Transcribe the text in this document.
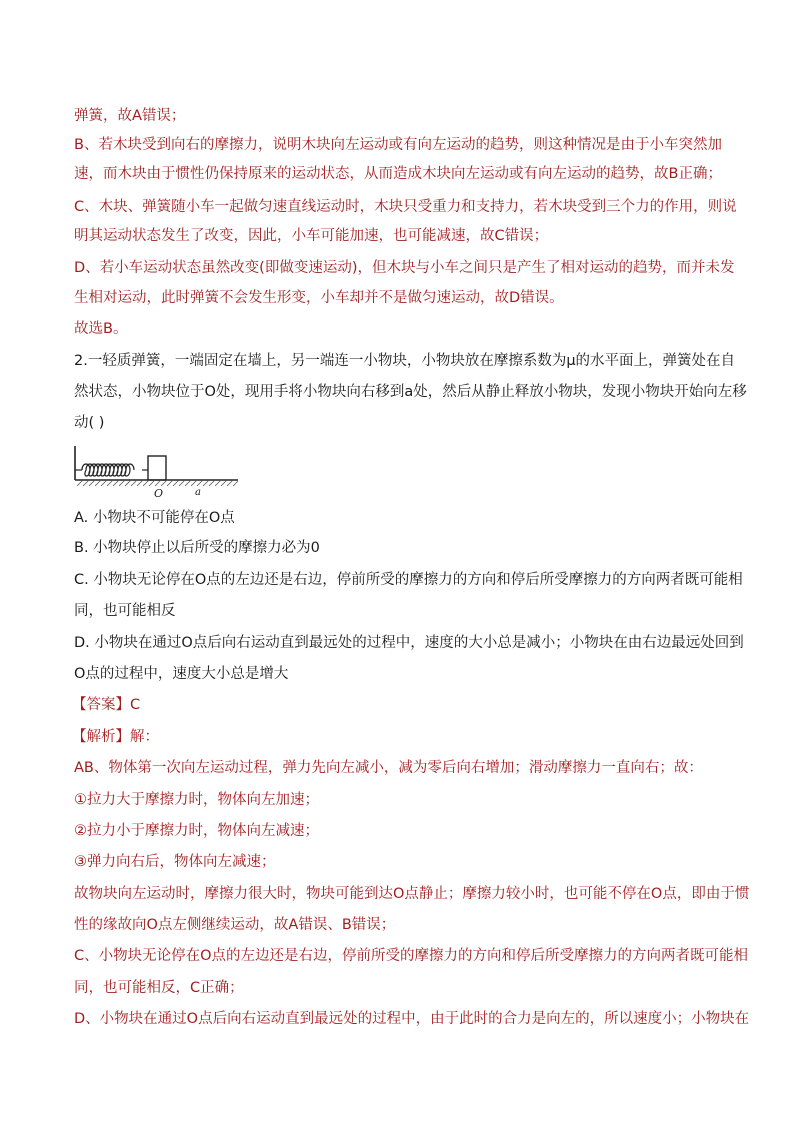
弹簧，故A错误；
B、若木块受到向右的摩擦力，说明木块向左运动或有向左运动的趋势，则这种情况是由于小车突然加
速，而木块由于惯性仍保持原来的运动状态，从而造成木块向左运动或有向左运动的趋势，故B正确；
C、木块、弹簧随小车一起做匀速直线运动时，木块只受重力和支持力，若木块受到三个力的作用，则说
明其运动状态发生了改变，因此，小车可能加速，也可能减速，故C错误；
D、若小车运动状态虽然改变(即做变速运动)，但木块与小车之间只是产生了相对运动的趋势，而并未发
生相对运动，此时弹簧不会发生形变，小车却并不是做匀速运动，故D错误。
故选B。
2.一轻质弹簧，一端固定在墙上，另一端连一小物块，小物块放在摩擦系数为μ的水平面上，弹簧处在自
然状态，小物块位于O处，现用手将小物块向右移到a处，然后从静止释放小物块，发现小物块开始向左移
动( )
O	a
A. 小物块不可能停在O点
B. 小物块停止以后所受的摩擦力必为0
C. 小物块无论停在O点的左边还是右边，停前所受的摩擦力的方向和停后所受摩擦力的方向两者既可能相
同，也可能相反
D. 小物块在通过O点后向右运动直到最远处的过程中，速度的大小总是减小；小物块在由右边最远处回到
O点的过程中，速度大小总是增大
【答案】C
【解析】解：
AB、物体第一次向左运动过程，弹力先向左减小，减为零后向右增加；滑动摩擦力一直向右；故：
①拉力大于摩擦力时，物体向左加速；
②拉力小于摩擦力时，物体向左减速；
③弹力向右后，物体向左减速；
故物块向左运动时，摩擦力很大时，物块可能到达O点静止；摩擦力较小时，也可能不停在O点，即由于惯
性的缘故向O点左侧继续运动，故A错误、B错误；
C、小物块无论停在O点的左边还是右边，停前所受的摩擦力的方向和停后所受摩擦力的方向两者既可能相
同，也可能相反，C正确；
D、小物块在通过O点后向右运动直到最远处的过程中，由于此时的合力是向左的，所以速度小；小物块在
